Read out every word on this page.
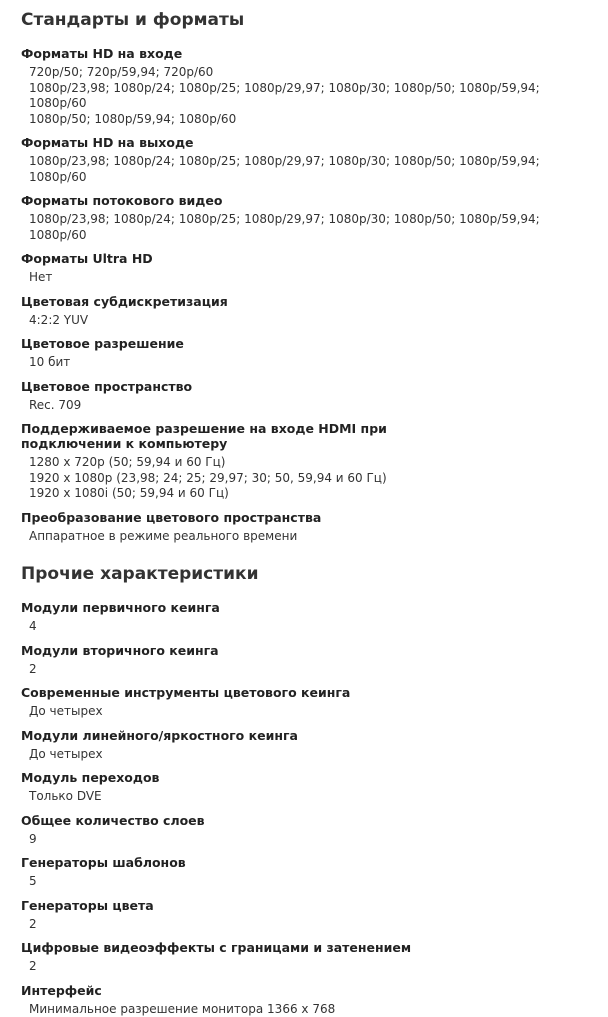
Стандарты и форматы
Форматы HD на входе
720p/50; 720p/59,94; 720p/60
1080p/23,98; 1080p/24; 1080p/25; 1080p/29,97; 1080p/30; 1080p/50; 1080p/59,94;
1080p/60
1080p/50; 1080p/59,94; 1080p/60
Форматы HD на выходе
1080p/23,98; 1080p/24; 1080p/25; 1080p/29,97; 1080p/30; 1080p/50; 1080p/59,94;
1080p/60
Форматы потокового видео
1080p/23,98; 1080p/24; 1080p/25; 1080p/29,97; 1080p/30; 1080p/50; 1080p/59,94;
1080p/60
Форматы Ultra HD
Нет
Цветовая субдискретизация
4:2:2 YUV
Цветовое разрешение
10 бит
Цветовое пространство
Rec. 709
Поддерживаемое разрешение на входе HDMI при подключении к компьютеру
1280 x 720p (50; 59,94 и 60 Гц)
1920 x 1080p (23,98; 24; 25; 29,97; 30; 50, 59,94 и 60 Гц)
1920 x 1080i (50; 59,94 и 60 Гц)
Преобразование цветового пространства
Аппаратное в режиме реального времени
Прочие характеристики
Модули первичного кеинга
4
Модули вторичного кеинга
2
Современные инструменты цветового кеинга
До четырех
Модули линейного/яркостного кеинга
До четырех
Модуль переходов
Только DVE
Общее количество слоев
9
Генераторы шаблонов
5
Генераторы цвета
2
Цифровые видеоэффекты с границами и затенением
2
Интерфейс
Минимальное разрешение монитора 1366 x 768
